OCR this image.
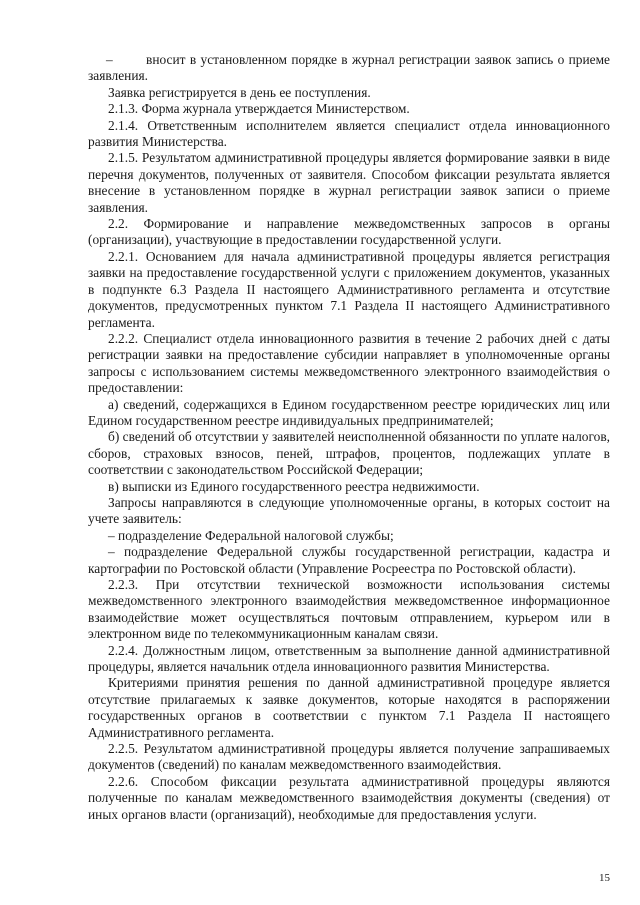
– вносит в установленном порядке в журнал регистрации заявок запись о приеме заявления.

Заявка регистрируется в день ее поступления.

2.1.3. Форма журнала утверждается Министерством.

2.1.4. Ответственным исполнителем является специалист отдела инновационного развития Министерства.

2.1.5. Результатом административной процедуры является формирование заявки в виде перечня документов, полученных от заявителя. Способом фиксации результата является внесение в установленном порядке в журнал регистрации заявок записи о приеме заявления.

2.2. Формирование и направление межведомственных запросов в органы (организации), участвующие в предоставлении государственной услуги.

2.2.1. Основанием для начала административной процедуры является регистрация заявки на предоставление государственной услуги с приложением документов, указанных в подпункте 6.3 Раздела II настоящего Административного регламента и отсутствие документов, предусмотренных пунктом 7.1 Раздела II настоящего Административного регламента.

2.2.2. Специалист отдела инновационного развития в течение 2 рабочих дней с даты регистрации заявки на предоставление субсидии направляет в уполномоченные органы запросы с использованием системы межведомственного электронного взаимодействия о предоставлении:

а) сведений, содержащихся в Едином государственном реестре юридических лиц или Едином государственном реестре индивидуальных предпринимателей;

б) сведений об отсутствии у заявителей неисполненной обязанности по уплате налогов, сборов, страховых взносов, пеней, штрафов, процентов, подлежащих уплате в соответствии с законодательством Российской Федерации;

в) выписки из Единого государственного реестра недвижимости.

Запросы направляются в следующие уполномоченные органы, в которых состоит на учете заявитель:

– подразделение Федеральной налоговой службы;

– подразделение Федеральной службы государственной регистрации, кадастра и картографии по Ростовской области (Управление Росреестра по Ростовской области).

2.2.3. При отсутствии технической возможности использования системы межведомственного электронного взаимодействия межведомственное информационное взаимодействие может осуществляться почтовым отправлением, курьером или в электронном виде по телекоммуникационным каналам связи.

2.2.4. Должностным лицом, ответственным за выполнение данной административной процедуры, является начальник отдела инновационного развития Министерства.

Критериями принятия решения по данной административной процедуре является отсутствие прилагаемых к заявке документов, которые находятся в распоряжении государственных органов в соответствии с пунктом 7.1 Раздела II настоящего Административного регламента.

2.2.5. Результатом административной процедуры является получение запрашиваемых документов (сведений) по каналам межведомственного взаимодействия.

2.2.6. Способом фиксации результата административной процедуры являются полученные по каналам межведомственного взаимодействия документы (сведения) от иных органов власти (организаций), необходимые для предоставления услуги.

15
